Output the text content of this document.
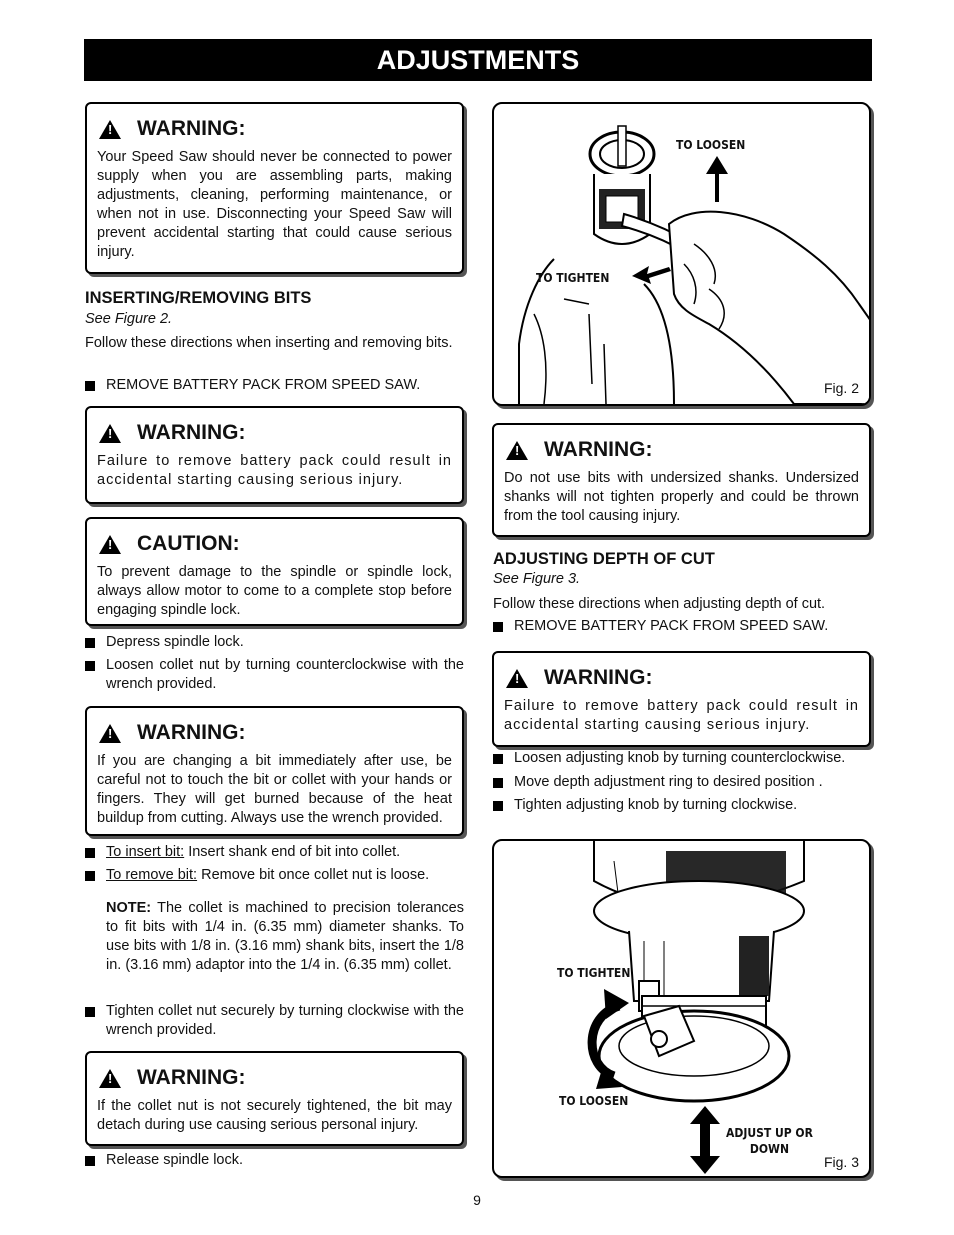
ADJUSTMENTS
!
WARNING:
Your Speed Saw should never be connected to power supply when you are assembling parts, making adjustments, cleaning, performing maintenance, or when not in use. Disconnecting your Speed Saw will prevent accidental starting that could cause serious injury.
INSERTING/REMOVING BITS
See Figure 2.
Follow these directions when inserting and removing bits.
REMOVE BATTERY PACK FROM SPEED SAW.
!
WARNING:
Failure to remove battery pack could result in accidental starting causing serious injury.
!
CAUTION:
To prevent damage to the spindle or spindle lock, always allow motor to come to a complete stop before engaging spindle lock.
Depress spindle lock.
Loosen collet nut by turning counterclockwise with the wrench provided.
!
WARNING:
If you are changing a bit immediately after use, be careful not to touch the bit or collet with your hands or fingers. They will get burned because of the heat buildup from cutting. Always use the wrench provided.
To insert bit: Insert shank end of bit into collet.
To remove bit: Remove bit once collet nut is loose.
NOTE: The collet is machined to precision tolerances to fit bits with 1/4 in. (6.35 mm) diameter shanks. To use bits with 1/8 in. (3.16 mm) shank bits, insert the 1/8 in. (3.16 mm) adaptor into the 1/4 in. (6.35 mm) collet.
Tighten collet nut securely by turning clockwise with the wrench provided.
!
WARNING:
If the collet nut is not securely tightened, the bit may detach during use causing serious personal injury.
Release spindle lock.
TO LOOSEN
TO TIGHTEN
Fig. 2
!
WARNING:
Do not use bits with undersized shanks. Undersized shanks will not tighten properly and could be thrown from the tool causing injury.
ADJUSTING DEPTH OF CUT
See Figure 3.
Follow these directions when adjusting depth of cut.
REMOVE BATTERY PACK FROM SPEED SAW.
!
WARNING:
Failure to remove battery pack could result in accidental starting causing serious injury.
Loosen adjusting knob by turning counterclockwise.
Move depth adjustment ring to desired position .
Tighten adjusting knob by turning clockwise.
TO TIGHTEN
TO LOOSEN
ADJUST UP OR
DOWN
Fig. 3
9
